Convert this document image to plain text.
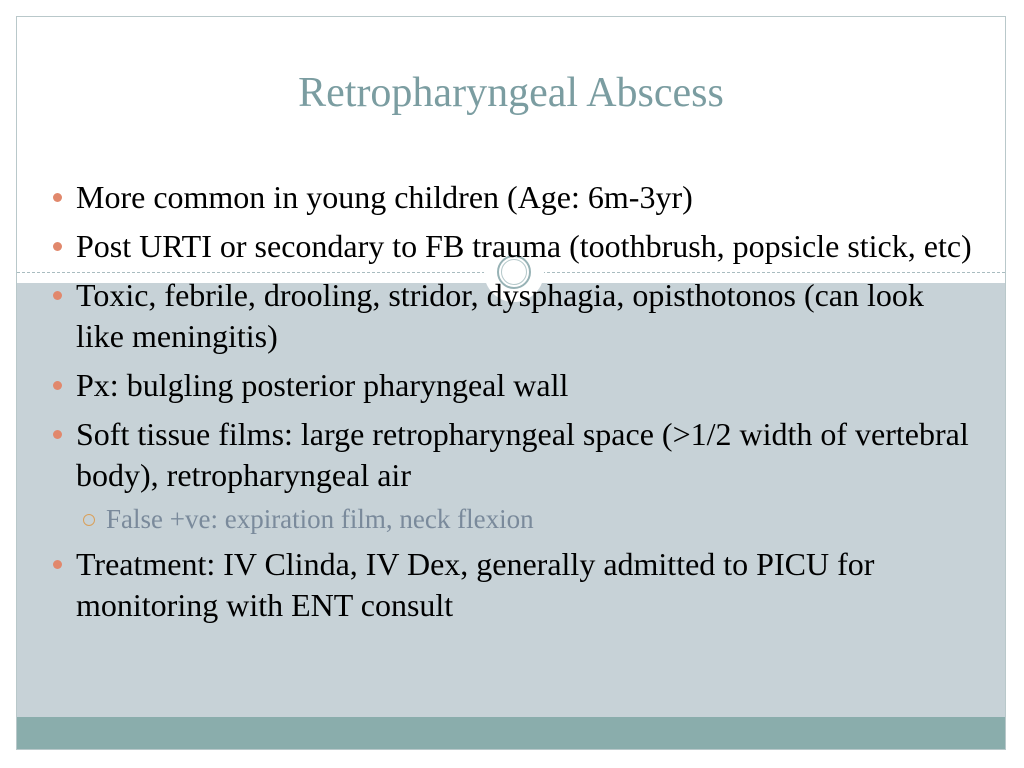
Retropharyngeal Abscess
More common in young children (Age: 6m-3yr)
Post URTI or secondary to FB trauma (toothbrush, popsicle stick, etc)
Toxic, febrile, drooling, stridor, dysphagia, opisthotonos (can look like meningitis)
Px: bulgling posterior pharyngeal wall
Soft tissue films: large retropharyngeal space (>1/2 width of vertebral body), retropharyngeal air
False +ve: expiration film, neck flexion
Treatment: IV Clinda, IV Dex, generally admitted to PICU for monitoring with ENT consult
